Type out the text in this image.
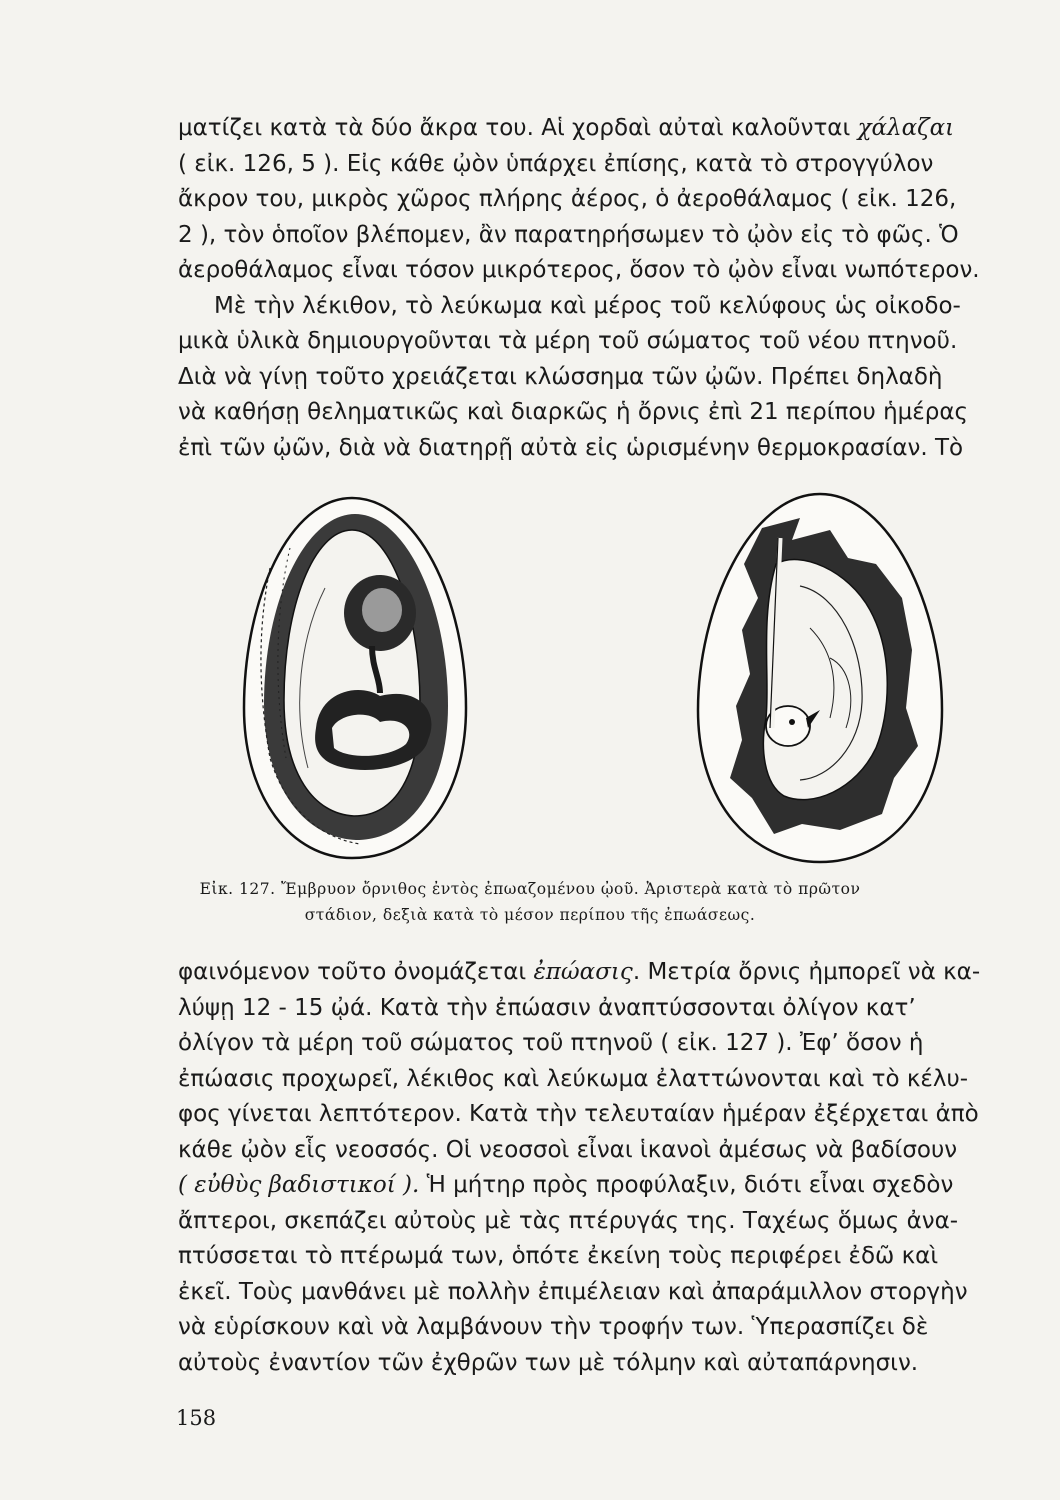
ματίζει κατὰ τὰ δύο ἄκρα του. Αἱ χορδαὶ αὐταὶ καλοῦνται χάλαζαι
( εἰκ. 126, 5 ). Εἰς κάθε ᾠὸν ὑπάρχει ἐπίσης, κατὰ τὸ στρογγύλον
ἄκρον του, μικρὸς χῶρος πλήρης ἀέρος, ὁ ἀεροθάλαμος ( εἰκ. 126,
2 ), τὸν ὁποῖον βλέπομεν, ἂν παρατηρήσωμεν τὸ ᾠὸν εἰς τὸ φῶς. Ὁ
ἀεροθάλαμος εἶναι τόσον μικρότερος, ὅσον τὸ ᾠὸν εἶναι νωπότερον.
Μὲ τὴν λέκιθον, τὸ λεύκωμα καὶ μέρος τοῦ κελύφους ὡς οἰκοδο-
μικὰ ὑλικὰ δημιουργοῦνται τὰ μέρη τοῦ σώματος τοῦ νέου πτηνοῦ.
Διὰ νὰ γίνῃ τοῦτο χρειάζεται κλώσσημα τῶν ᾠῶν. Πρέπει δηλαδὴ
νὰ καθήσῃ θεληματικῶς καὶ διαρκῶς ἡ ὄρνις ἐπὶ 21 περίπου ἡμέρας
ἐπὶ τῶν ᾠῶν, διὰ νὰ διατηρῇ αὐτὰ εἰς ὡρισμένην θερμοκρασίαν. Τὸ
Εἰκ. 127. Ἔμβρυον ὄρνιθος ἐντὸς ἐπωαζομένου ᾠοῦ. Ἀριστερὰ κατὰ τὸ πρῶτον
στάδιον, δεξιὰ κατὰ τὸ μέσον περίπου τῆς ἐπωάσεως.
φαινόμενον τοῦτο ὀνομάζεται ἐπώασις. Μετρία ὄρνις ἠμπορεῖ νὰ κα-
λύψῃ 12 - 15 ᾠά. Κατὰ τὴν ἐπώασιν ἀναπτύσσονται ὀλίγον κατ’
ὀλίγον τὰ μέρη τοῦ σώματος τοῦ πτηνοῦ ( εἰκ. 127 ). Ἐφ’ ὅσον ἡ
ἐπώασις προχωρεῖ, λέκιθος καὶ λεύκωμα ἐλαττώνονται καὶ τὸ κέλυ-
φος γίνεται λεπτότερον. Κατὰ τὴν τελευταίαν ἡμέραν ἐξέρχεται ἀπὸ
κάθε ᾠὸν εἷς νεοσσός. Οἱ νεοσσοὶ εἶναι ἱκανοὶ ἀμέσως νὰ βαδίσουν
( εὐθὺς βαδιστικοί ). Ἡ μήτηρ πρὸς προφύλαξιν, διότι εἶναι σχεδὸν
ἄπτεροι, σκεπάζει αὐτοὺς μὲ τὰς πτέρυγάς της. Ταχέως ὅμως ἀνα-
πτύσσεται τὸ πτέρωμά των, ὁπότε ἐκείνη τοὺς περιφέρει ἐδῶ καὶ
ἐκεῖ. Τοὺς μανθάνει μὲ πολλὴν ἐπιμέλειαν καὶ ἀπαράμιλλον στοργὴν
νὰ εὑρίσκουν καὶ νὰ λαμβάνουν τὴν τροφήν των. Ὑπερασπίζει δὲ
αὐτοὺς ἐναντίον τῶν ἐχθρῶν των μὲ τόλμην καὶ αὐταπάρνησιν.
158
